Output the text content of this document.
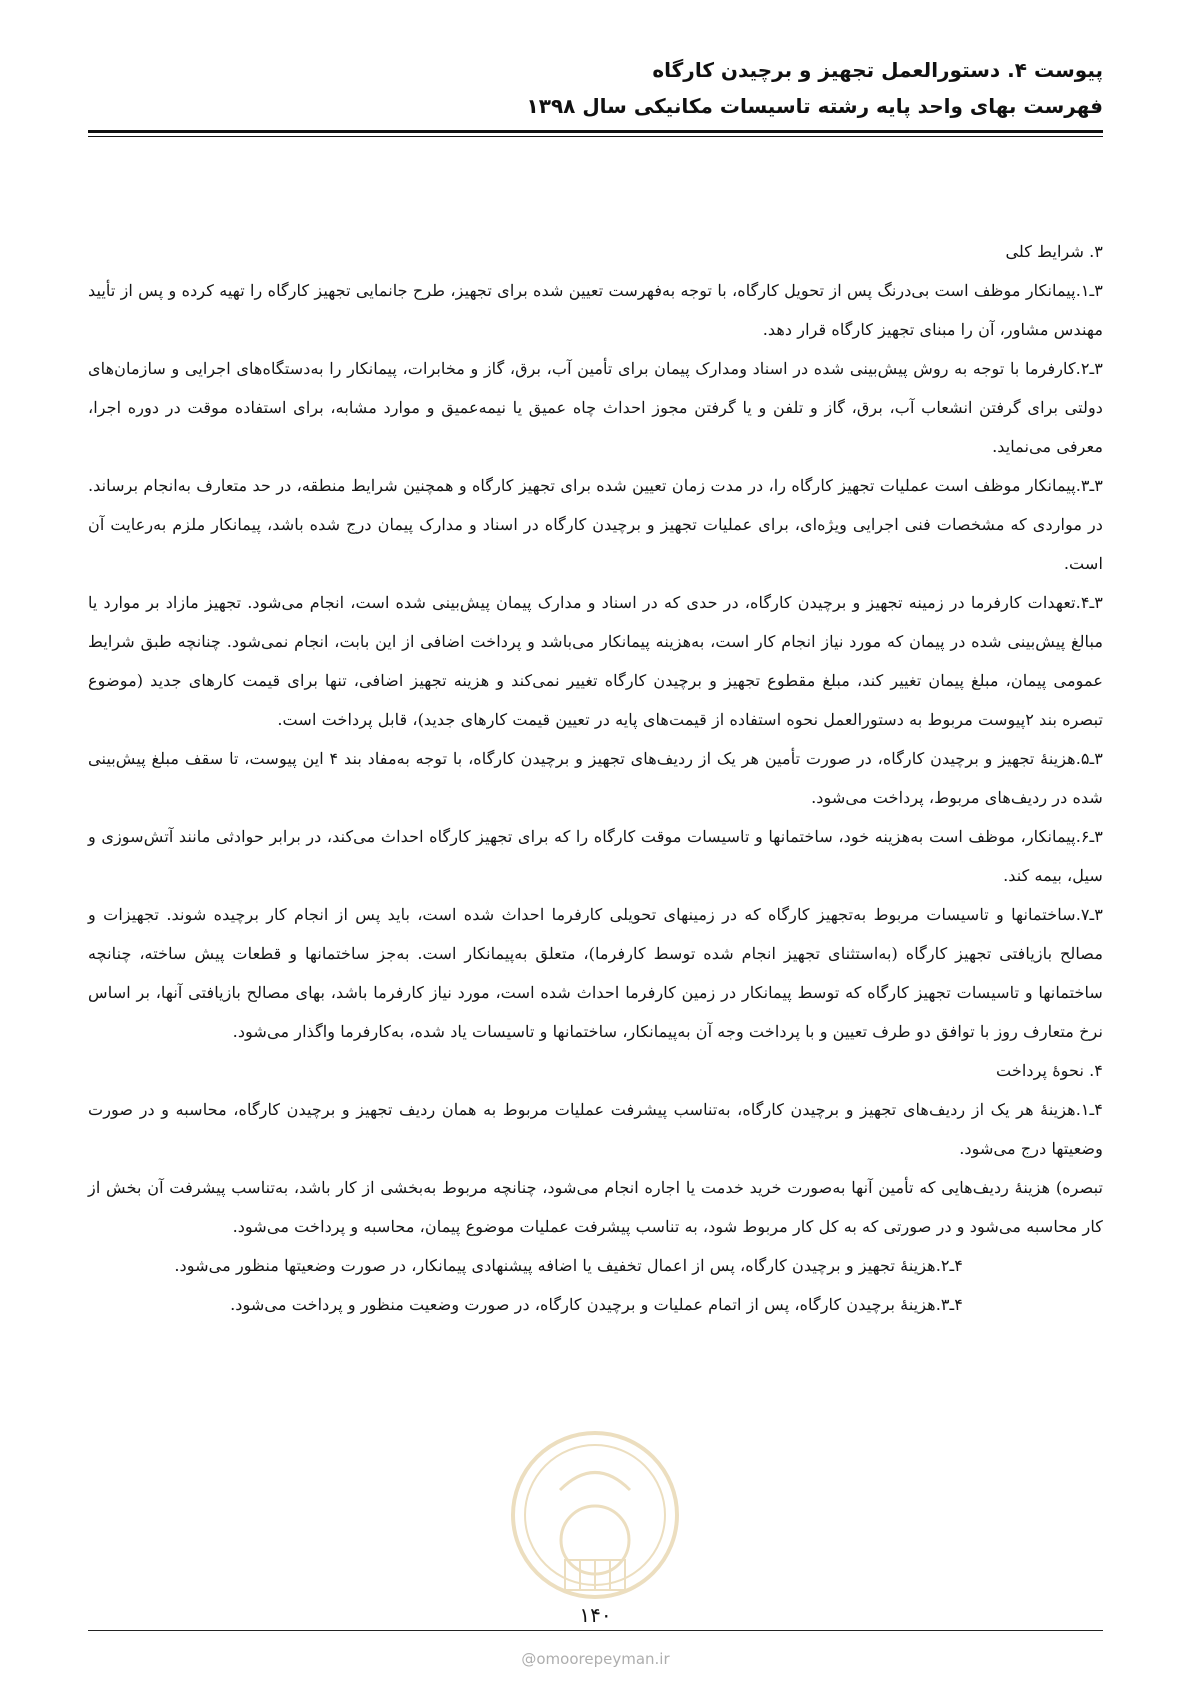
پیوست ۴. دستورالعمل تجهیز و برچیدن کارگاه
فهرست بهای واحد پایه رشته تاسیسات مکانیکی سال ۱۳۹۸

۳. شرایط کلی

۳ـ۱.پیمانکار موظف است بی‌درنگ پس از تحویل کارگاه، با توجه به‌فهرست تعیین شده برای تجهیز، طرح جانمایی تجهیز کارگاه را تهیه کرده و پس از تأیید مهندس مشاور، آن را مبنای تجهیز کارگاه قرار دهد.

۳ـ۲.کارفرما با توجه به روش پیش‌بینی شده در اسناد ومدارک پیمان برای تأمین آب، برق، گاز و مخابرات، پیمانکار را به‌دستگاه‌های اجرایی و سازمان‌های دولتی برای گرفتن انشعاب آب، برق، گاز و تلفن و یا گرفتن مجوز احداث چاه عمیق یا نیمه‌عمیق و موارد مشابه، برای استفاده موقت در دوره اجرا، معرفی می‌نماید.

۳ـ۳.پیمانکار موظف است عملیات تجهیز کارگاه را، در مدت زمان تعیین شده برای تجهیز کارگاه و همچنین شرایط منطقه، در حد متعارف به‌انجام برساند. در مواردی که مشخصات فنی اجرایی ویژه‌ای، برای عملیات تجهیز و برچیدن کارگاه در اسناد و مدارک پیمان درج شده باشد، پیمانکار ملزم به‌رعایت آن است.

۳ـ۴.تعهدات کارفرما در زمینه تجهیز و برچیدن کارگاه، در حدی که در اسناد و مدارک پیمان پیش‌بینی شده است، انجام می‌شود. تجهیز مازاد بر موارد یا مبالغ پیش‌بینی شده در پیمان که مورد نیاز انجام کار است، به‌هزینه پیمانکار می‌باشد و پرداخت اضافی از این بابت، انجام نمی‌شود. چنانچه طبق شرایط عمومی پیمان، مبلغ پیمان تغییر کند، مبلغ مقطوع تجهیز و برچیدن کارگاه تغییر نمی‌کند و هزینه تجهیز اضافی، تنها برای قیمت کارهای جدید (موضوع تبصره بند ۲پیوست مربوط به دستورالعمل نحوه استفاده از قیمت‌های پایه در تعیین قیمت کارهای جدید)، قابل پرداخت است.

۳ـ۵.هزینهٔ تجهیز و برچیدن کارگاه، در صورت تأمین هر یک از ردیف‌های تجهیز و برچیدن کارگاه، با توجه به‌مفاد بند ۴ این پیوست، تا سقف مبلغ پیش‌بینی شده در ردیف‌های مربوط، پرداخت می‌شود.

۳ـ۶.پیمانکار، موظف است به‌هزینه خود، ساختمانها و تاسیسات موقت کارگاه را که برای تجهیز کارگاه احداث می‌کند، در برابر حوادثی مانند آتش‌سوزی و سیل، بیمه کند.

۳ـ۷.ساختمانها و تاسیسات مربوط به‌تجهیز کارگاه که در زمینهای تحویلی کارفرما احداث شده است، باید پس از انجام کار برچیده شوند. تجهیزات و مصالح بازیافتی تجهیز کارگاه (به‌استثنای تجهیز انجام شده توسط کارفرما)، متعلق به‌پیمانکار است. به‌جز ساختمانها و قطعات پیش ساخته، چنانچه ساختمانها و تاسیسات تجهیز کارگاه که توسط پیمانکار در زمین کارفرما احداث شده است، مورد نیاز کارفرما باشد، بهای مصالح بازیافتی آنها، بر اساس نرخ متعارف روز با توافق دو طرف تعیین و با پرداخت وجه آن به‌پیمانکار، ساختمانها و تاسیسات یاد شده، به‌کارفرما واگذار می‌شود.

۴. نحوهٔ پرداخت

۴ـ۱.هزینهٔ هر یک از ردیف‌های تجهیز و برچیدن کارگاه، به‌تناسب پیشرفت عملیات مربوط به همان ردیف تجهیز و برچیدن کارگاه، محاسبه و در صورت وضعیتها درج می‌شود.

تبصره) هزینهٔ ردیف‌هایی که تأمین آنها به‌صورت خرید خدمت یا اجاره انجام می‌شود، چنانچه مربوط به‌بخشی از کار باشد، به‌تناسب پیشرفت آن بخش از کار محاسبه می‌شود و در صورتی که به کل کار مربوط شود، به تناسب پیشرفت عملیات موضوع پیمان، محاسبه و پرداخت می‌شود.

۴ـ۲.هزینهٔ تجهیز و برچیدن کارگاه، پس از اعمال تخفیف یا اضافه پیشنهادی پیمانکار، در صورت وضعیتها منظور می‌شود.

۴ـ۳.هزینهٔ برچیدن کارگاه، پس از اتمام عملیات و برچیدن کارگاه، در صورت وضعیت منظور و پرداخت می‌شود.

۱۴۰
@omoorepeyman.ir
